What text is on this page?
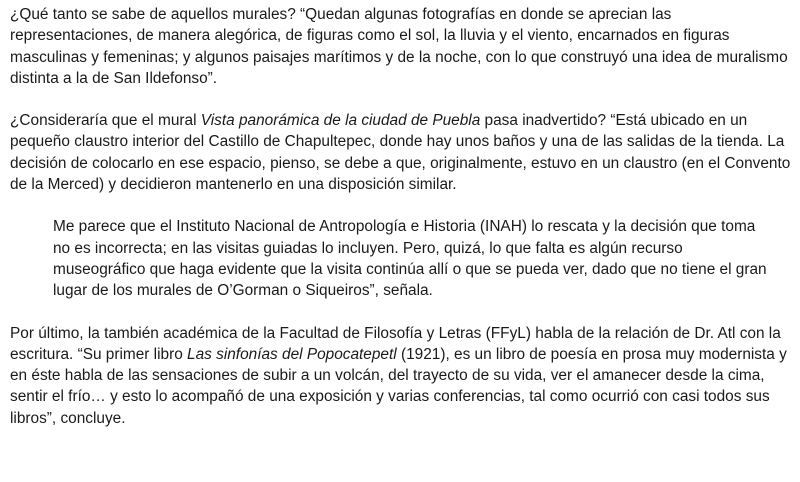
¿Qué tanto se sabe de aquellos murales? “Quedan algunas fotografías en donde se aprecian las representaciones, de manera alegórica, de figuras como el sol, la lluvia y el viento, encarnados en figuras masculinas y femeninas; y algunos paisajes marítimos y de la noche, con lo que construyó una idea de muralismo distinta a la de San Ildefonso”.

¿Consideraría que el mural Vista panorámica de la ciudad de Puebla pasa inadvertido? “Está ubicado en un pequeño claustro interior del Castillo de Chapultepec, donde hay unos baños y una de las salidas de la tienda. La decisión de colocarlo en ese espacio, pienso, se debe a que, originalmente, estuvo en un claustro (en el Convento de la Merced) y decidieron mantenerlo en una disposición similar.

Me parece que el Instituto Nacional de Antropología e Historia (INAH) lo rescata y la decisión que toma no es incorrecta; en las visitas guiadas lo incluyen. Pero, quizá, lo que falta es algún recurso museográfico que haga evidente que la visita continúa allí o que se pueda ver, dado que no tiene el gran lugar de los murales de O’Gorman o Siqueiros”, señala.

Por último, la también académica de la Facultad de Filosofía y Letras (FFyL) habla de la relación de Dr. Atl con la escritura. “Su primer libro Las sinfonías del Popocatepetl (1921), es un libro de poesía en prosa muy modernista y en éste habla de las sensaciones de subir a un volcán, del trayecto de su vida, ver el amanecer desde la cima, sentir el frío… y esto lo acompañó de una exposición y varias conferencias, tal como ocurrió con casi todos sus libros”, concluye.
